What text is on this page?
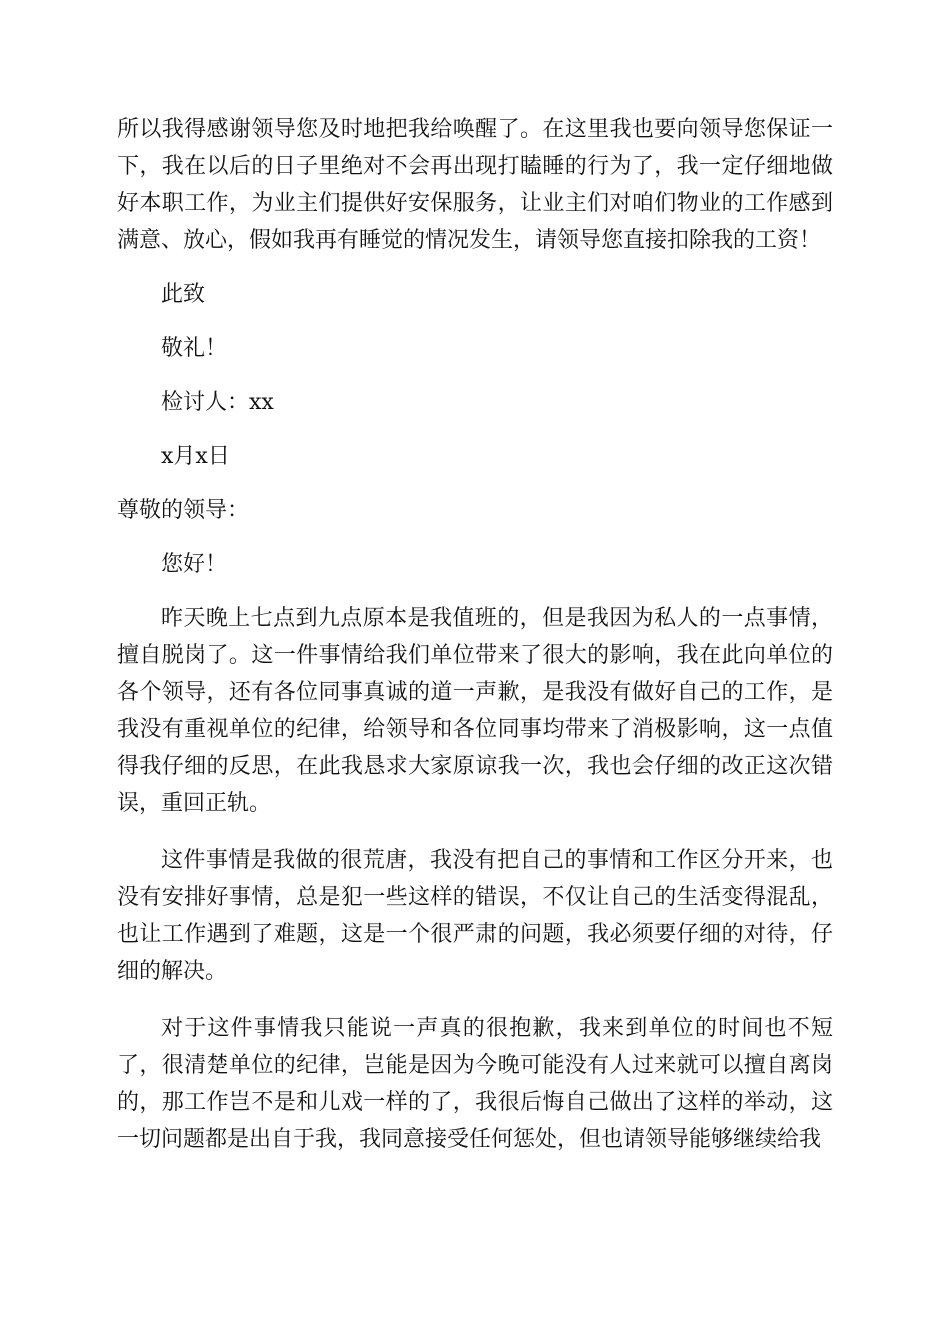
所以我得感谢领导您及时地把我给唤醒了。在这里我也要向领导您保证一下，我在以后的日子里绝对不会再出现打瞌睡的行为了，我一定仔细地做好本职工作，为业主们提供好安保服务，让业主们对咱们物业的工作感到满意、放心，假如我再有睡觉的情况发生，请领导您直接扣除我的工资！

此致

敬礼！

检讨人：xx

x月x日

尊敬的领导：

您好！

昨天晚上七点到九点原本是我值班的，但是我因为私人的一点事情，擅自脱岗了。这一件事情给我们单位带来了很大的影响，我在此向单位的各个领导，还有各位同事真诚的道一声歉，是我没有做好自己的工作，是我没有重视单位的纪律，给领导和各位同事均带来了消极影响，这一点值得我仔细的反思，在此我恳求大家原谅我一次，我也会仔细的改正这次错误，重回正轨。

这件事情是我做的很荒唐，我没有把自己的事情和工作区分开来，也没有安排好事情，总是犯一些这样的错误，不仅让自己的生活变得混乱，也让工作遇到了难题，这是一个很严肃的问题，我必须要仔细的对待，仔细的解决。

对于这件事情我只能说一声真的很抱歉，我来到单位的时间也不短了，很清楚单位的纪律，岂能是因为今晚可能没有人过来就可以擅自离岗的，那工作岂不是和儿戏一样的了，我很后悔自己做出了这样的举动，这一切问题都是出自于我，我同意接受任何惩处，但也请领导能够继续给我
